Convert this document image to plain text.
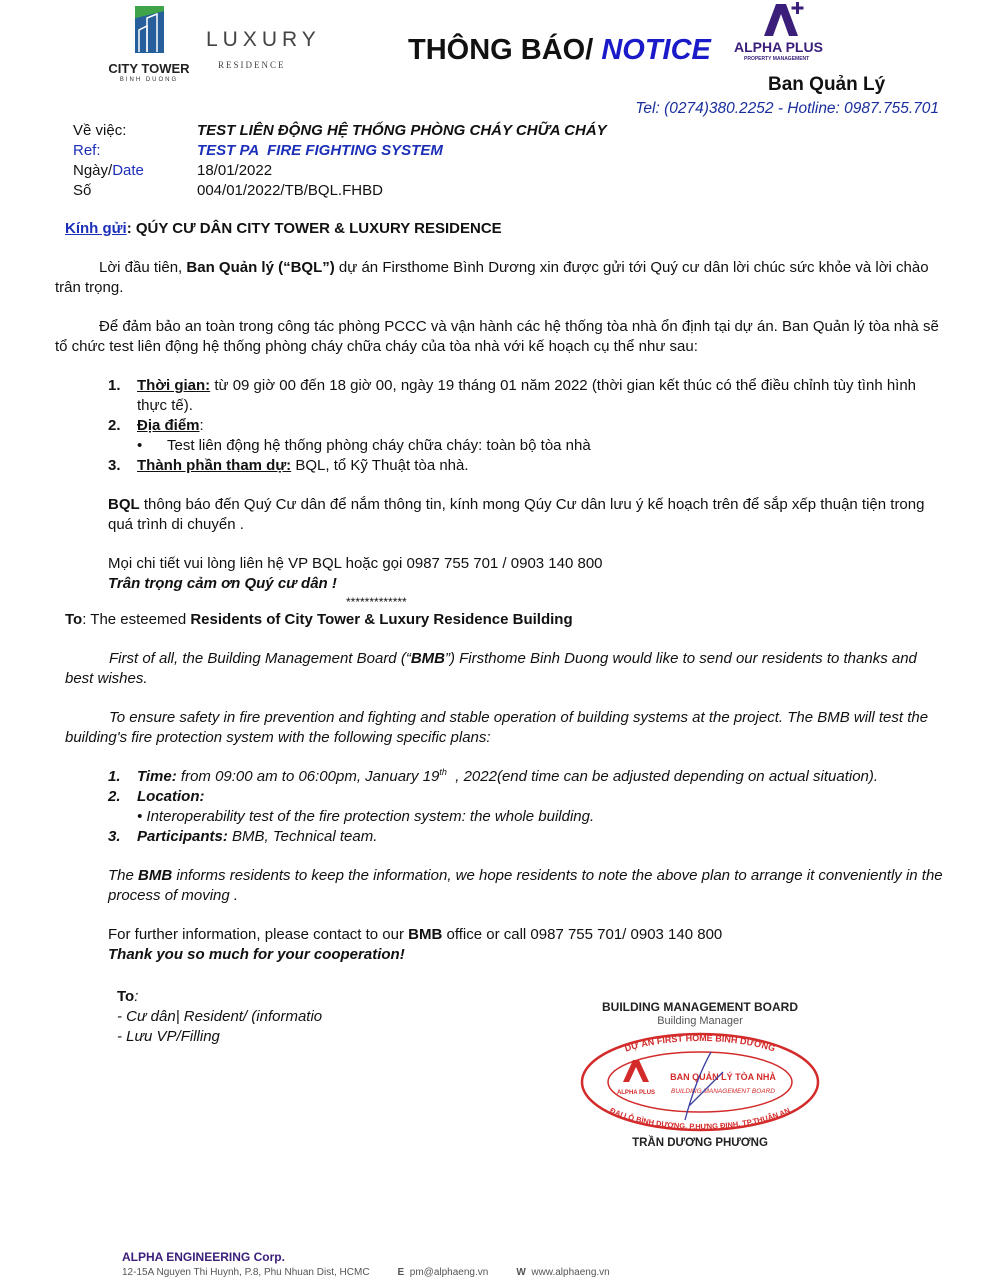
CITY TOWER
BINH DUONG
LUXURY
RESIDENCE	THÔNG BÁO/ NOTICE ALPHA PLUS
PROPERTY MANAGEMENT
Ban Quản Lý
Tel: (0274)380.2252 - Hotline: 0987.755.701
Về việc:	TEST LIÊN ĐỘNG HỆ THỐNG PHÒNG CHÁY CHỮA CHÁY
Ref:	TEST PA  FIRE FIGHTING SYSTEM
Ngày/Date	18/01/2022
Số	004/01/2022/TB/BQL.FHBD

Kính gửi: QÚY CƯ DÂN CITY TOWER & LUXURY RESIDENCE

Lời đầu tiên, Ban Quản lý (“BQL”) dự án Firsthome Bình Dương xin được gửi tới Quý cư dân lời chúc sức khỏe và lời chào trân trọng.

Để đảm bảo an toàn trong công tác phòng PCCC và vận hành các hệ thống tòa nhà ổn định tại dự án. Ban Quản lý tòa nhà sẽ tổ chức test liên động hệ thống phòng cháy chữa cháy của tòa nhà với kế hoạch cụ thể như sau:

1.	Thời gian: từ 09 giờ 00 đến 18 giờ 00, ngày 19 tháng 01 năm 2022 (thời gian kết thúc có thể điều chỉnh tùy tình hình thực tế).
2.	Địa điểm:
•	Test liên động hệ thống phòng cháy chữa cháy: toàn bộ tòa nhà
3.	Thành phần tham dự: BQL, tổ Kỹ Thuật tòa nhà.

BQL thông báo đến Quý Cư dân để nắm thông tin, kính mong Qúy Cư dân lưu ý kế hoạch trên để sắp xếp thuận tiện trong quá trình di chuyển .

Mọi chi tiết vui lòng liên hệ VP BQL hoặc gọi 0987 755 701 / 0903 140 800

Trân trọng cảm ơn Quý cư dân !

*************

To: The esteemed Residents of City Tower & Luxury Residence Building

First of all, the Building Management Board (“BMB”) Firsthome Binh Duong would like to send our residents to thanks and best wishes.

To ensure safety in fire prevention and fighting and stable operation of building systems at the project. The BMB will test the building's fire protection system with the following specific plans:

1.	Time: from 09:00 am to 06:00pm, January 19th  , 2022(end time can be adjusted depending on actual situation).
2.	Location:

• Interoperability test of the fire protection system: the whole building.

3.	Participants: BMB, Technical team.

The BMB informs residents to keep the information, we hope residents to note the above plan to arrange it conveniently in the process of moving .

For further information, please contact to our BMB office or call 0987 755 701/ 0903 140 800

Thank you so much for your cooperation!

To:

- Cư dân| Resident/ (informatio

- Lưu VP/Filling

BUILDING MANAGEMENT BOARD
Building Manager
DỰ ÁN FIRST HOME BÌNH DƯƠNG
ĐẠI LỘ BÌNH DƯƠNG, P.HƯNG ĐỊNH, TP.THUẬN AN
ALPHA PLUS
BAN QUẢN LÝ TÒA NHÀ
BUILDING MANAGEMENT BOARD
TRẦN DƯƠNG PHƯƠNG
ALPHA ENGINEERING Corp.
12-15A Nguyen Thi Huynh, P.8, Phu Nhuan Dist, HCMC	E pm@alphaeng.vn	W www.alphaeng.vn
